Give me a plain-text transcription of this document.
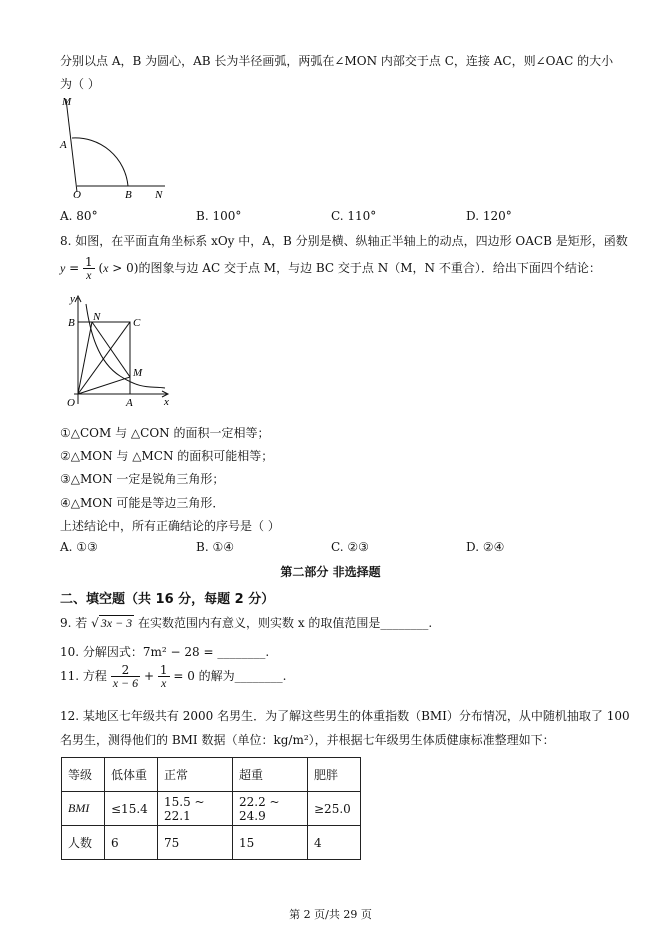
分别以点 A，B 为圆心，AB 长为半径画弧，两弧在∠MON 内部交于点 C，连接 AC，则∠OAC 的大小
为（ ）
M
A
O	B N
A. 80°	B. 100°	C. 110°	D. 120°
8. 如图，在平面直角坐标系 xOy 中，A，B 分别是横、纵轴正半轴上的动点，四边形 OACB 是矩形，函数
$y = \frac{1}{x} (x > 0)$的图象与边 AC 交于点 M，与边 BC 交于点 N（M，N 不重合）．给出下面四个结论：
y
B N	C
M
O	A	x
①△COM 与 △CON 的面积一定相等；
②△MON 与 △MCN 的面积可能相等；
③△MON 一定是锐角三角形；
④△MON 可能是等边三角形．
上述结论中，所有正确结论的序号是（ ）
A. ①③	B. ①④	C. ②③	D. ②④
第二部分 非选择题
二、填空题（共 16 分，每题 2 分）
9. 若 √ 3x − 3 在实数范围内有意义，则实数 x 的取值范围是________.
10. 分解因式：7m² − 28 = ________.
11. 方程 $\frac{2}{x - 6} + \frac{1}{x} = 0$ 的解为________.
12. 某地区七年级共有 2000 名男生．为了解这些男生的体重指数（BMI）分布情况，从中随机抽取了 100
名男生，测得他们的 BMI 数据（单位：kg/m²），并根据七年级男生体质健康标准整理如下：
等级	低体重	正常	超重	肥胖
BMI	≤15.4	15.5 ~ 22.1	22.2 ~ 24.9	≥25.0
人数	6	75	15	4
第 2 页/共 29 页
